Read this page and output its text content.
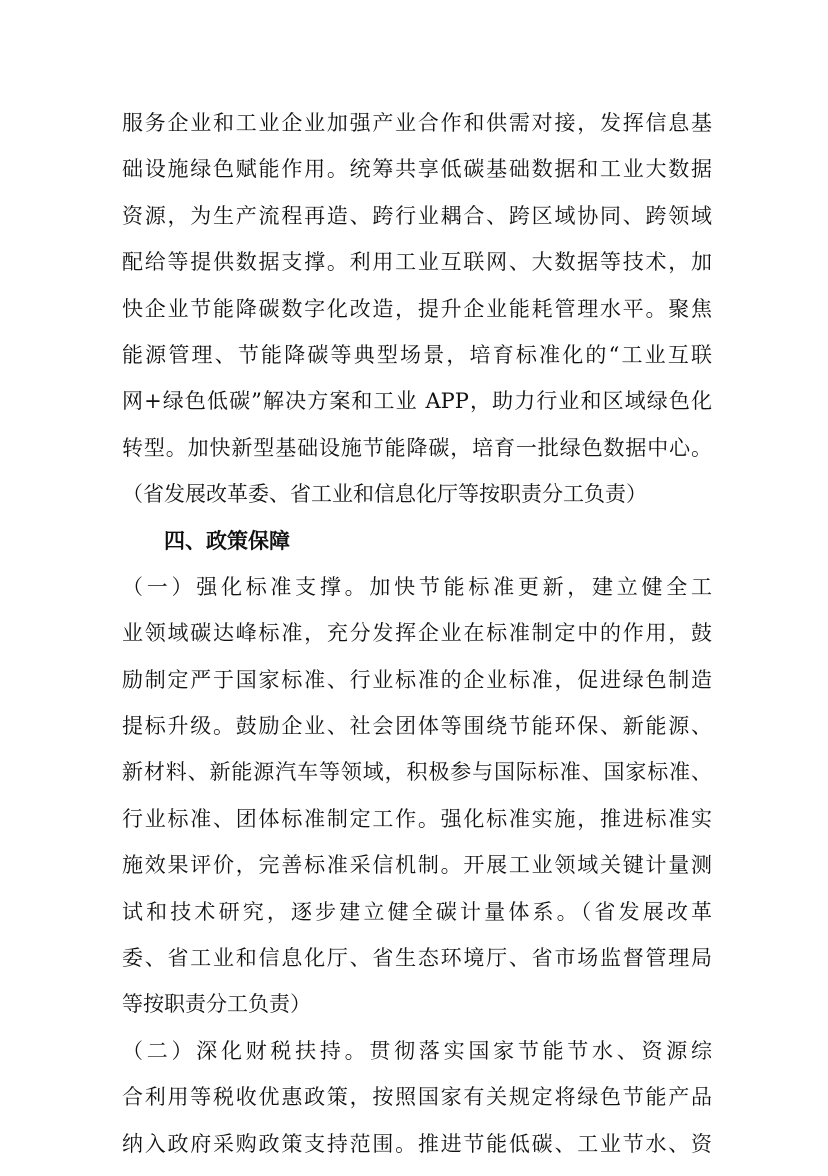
服务企业和工业企业加强产业合作和供需对接，发挥信息基
础设施绿色赋能作用。统筹共享低碳基础数据和工业大数据
资源，为生产流程再造、跨行业耦合、跨区域协同、跨领域
配给等提供数据支撑。利用工业互联网、大数据等技术，加
快企业节能降碳数字化改造，提升企业能耗管理水平。聚焦
能源管理、节能降碳等典型场景，培育标准化的“工业互联
网+绿色低碳”解决方案和工业 APP，助力行业和区域绿色化
转型。加快新型基础设施节能降碳，培育一批绿色数据中心。
（省发展改革委、省工业和信息化厅等按职责分工负责）
四、政策保障
（一）强化标准支撑。加快节能标准更新，建立健全工
业领域碳达峰标准，充分发挥企业在标准制定中的作用，鼓
励制定严于国家标准、行业标准的企业标准，促进绿色制造
提标升级。鼓励企业、社会团体等围绕节能环保、新能源、
新材料、新能源汽车等领域，积极参与国际标准、国家标准、
行业标准、团体标准制定工作。强化标准实施，推进标准实
施效果评价，完善标准采信机制。开展工业领域关键计量测
试和技术研究，逐步建立健全碳计量体系。（省发展改革
委、省工业和信息化厅、省生态环境厅、省市场监督管理局
等按职责分工负责）
（二）深化财税扶持。贯彻落实国家节能节水、资源综
合利用等税收优惠政策，按照国家有关规定将绿色节能产品
纳入政府采购政策支持范围。推进节能低碳、工业节水、资
